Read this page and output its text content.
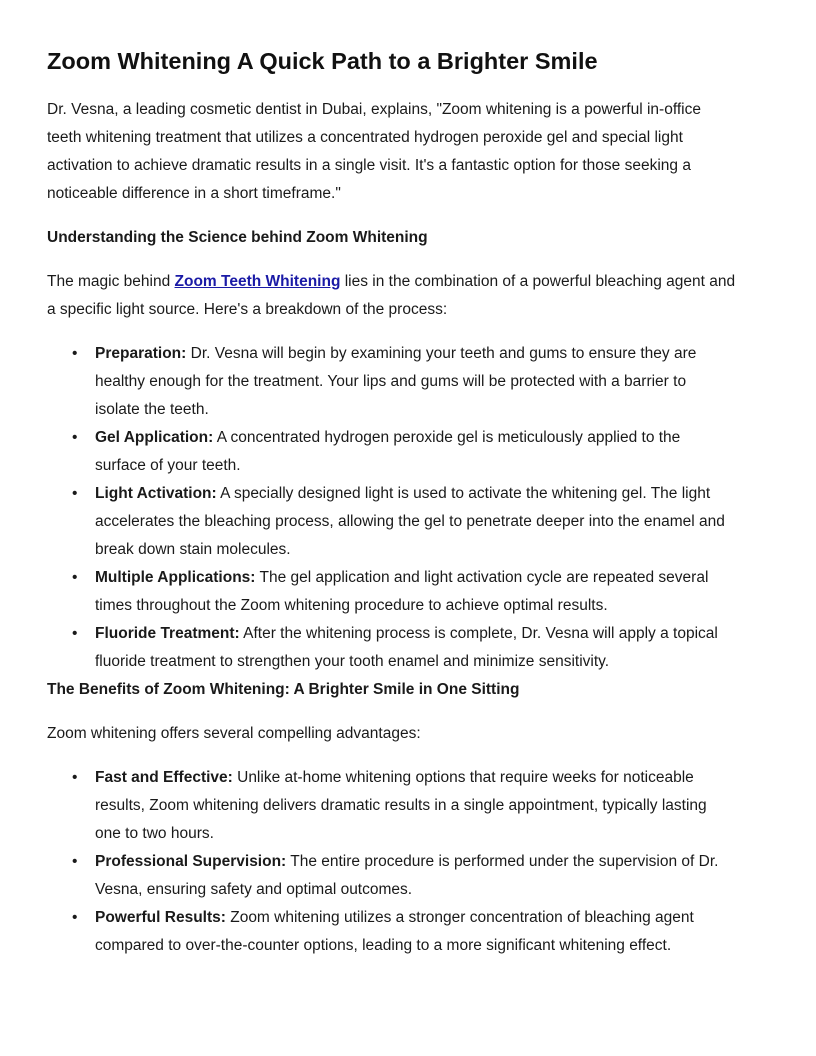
Zoom Whitening A Quick Path to a Brighter Smile

Dr. Vesna, a leading cosmetic dentist in Dubai, explains, "Zoom whitening is a powerful in-office teeth whitening treatment that utilizes a concentrated hydrogen peroxide gel and special light activation to achieve dramatic results in a single visit. It's a fantastic option for those seeking a noticeable difference in a short timeframe."

Understanding the Science behind Zoom Whitening

The magic behind Zoom Teeth Whitening lies in the combination of a powerful bleaching agent and a specific light source. Here's a breakdown of the process:

• Preparation: Dr. Vesna will begin by examining your teeth and gums to ensure they are healthy enough for the treatment. Your lips and gums will be protected with a barrier to isolate the teeth.
• Gel Application: A concentrated hydrogen peroxide gel is meticulously applied to the surface of your teeth.
• Light Activation: A specially designed light is used to activate the whitening gel. The light accelerates the bleaching process, allowing the gel to penetrate deeper into the enamel and break down stain molecules.
• Multiple Applications: The gel application and light activation cycle are repeated several times throughout the Zoom whitening procedure to achieve optimal results.
• Fluoride Treatment: After the whitening process is complete, Dr. Vesna will apply a topical fluoride treatment to strengthen your tooth enamel and minimize sensitivity.

The Benefits of Zoom Whitening: A Brighter Smile in One Sitting

Zoom whitening offers several compelling advantages:

• Fast and Effective: Unlike at-home whitening options that require weeks for noticeable results, Zoom whitening delivers dramatic results in a single appointment, typically lasting one to two hours.
• Professional Supervision: The entire procedure is performed under the supervision of Dr. Vesna, ensuring safety and optimal outcomes.
• Powerful Results: Zoom whitening utilizes a stronger concentration of bleaching agent compared to over-the-counter options, leading to a more significant whitening effect.
